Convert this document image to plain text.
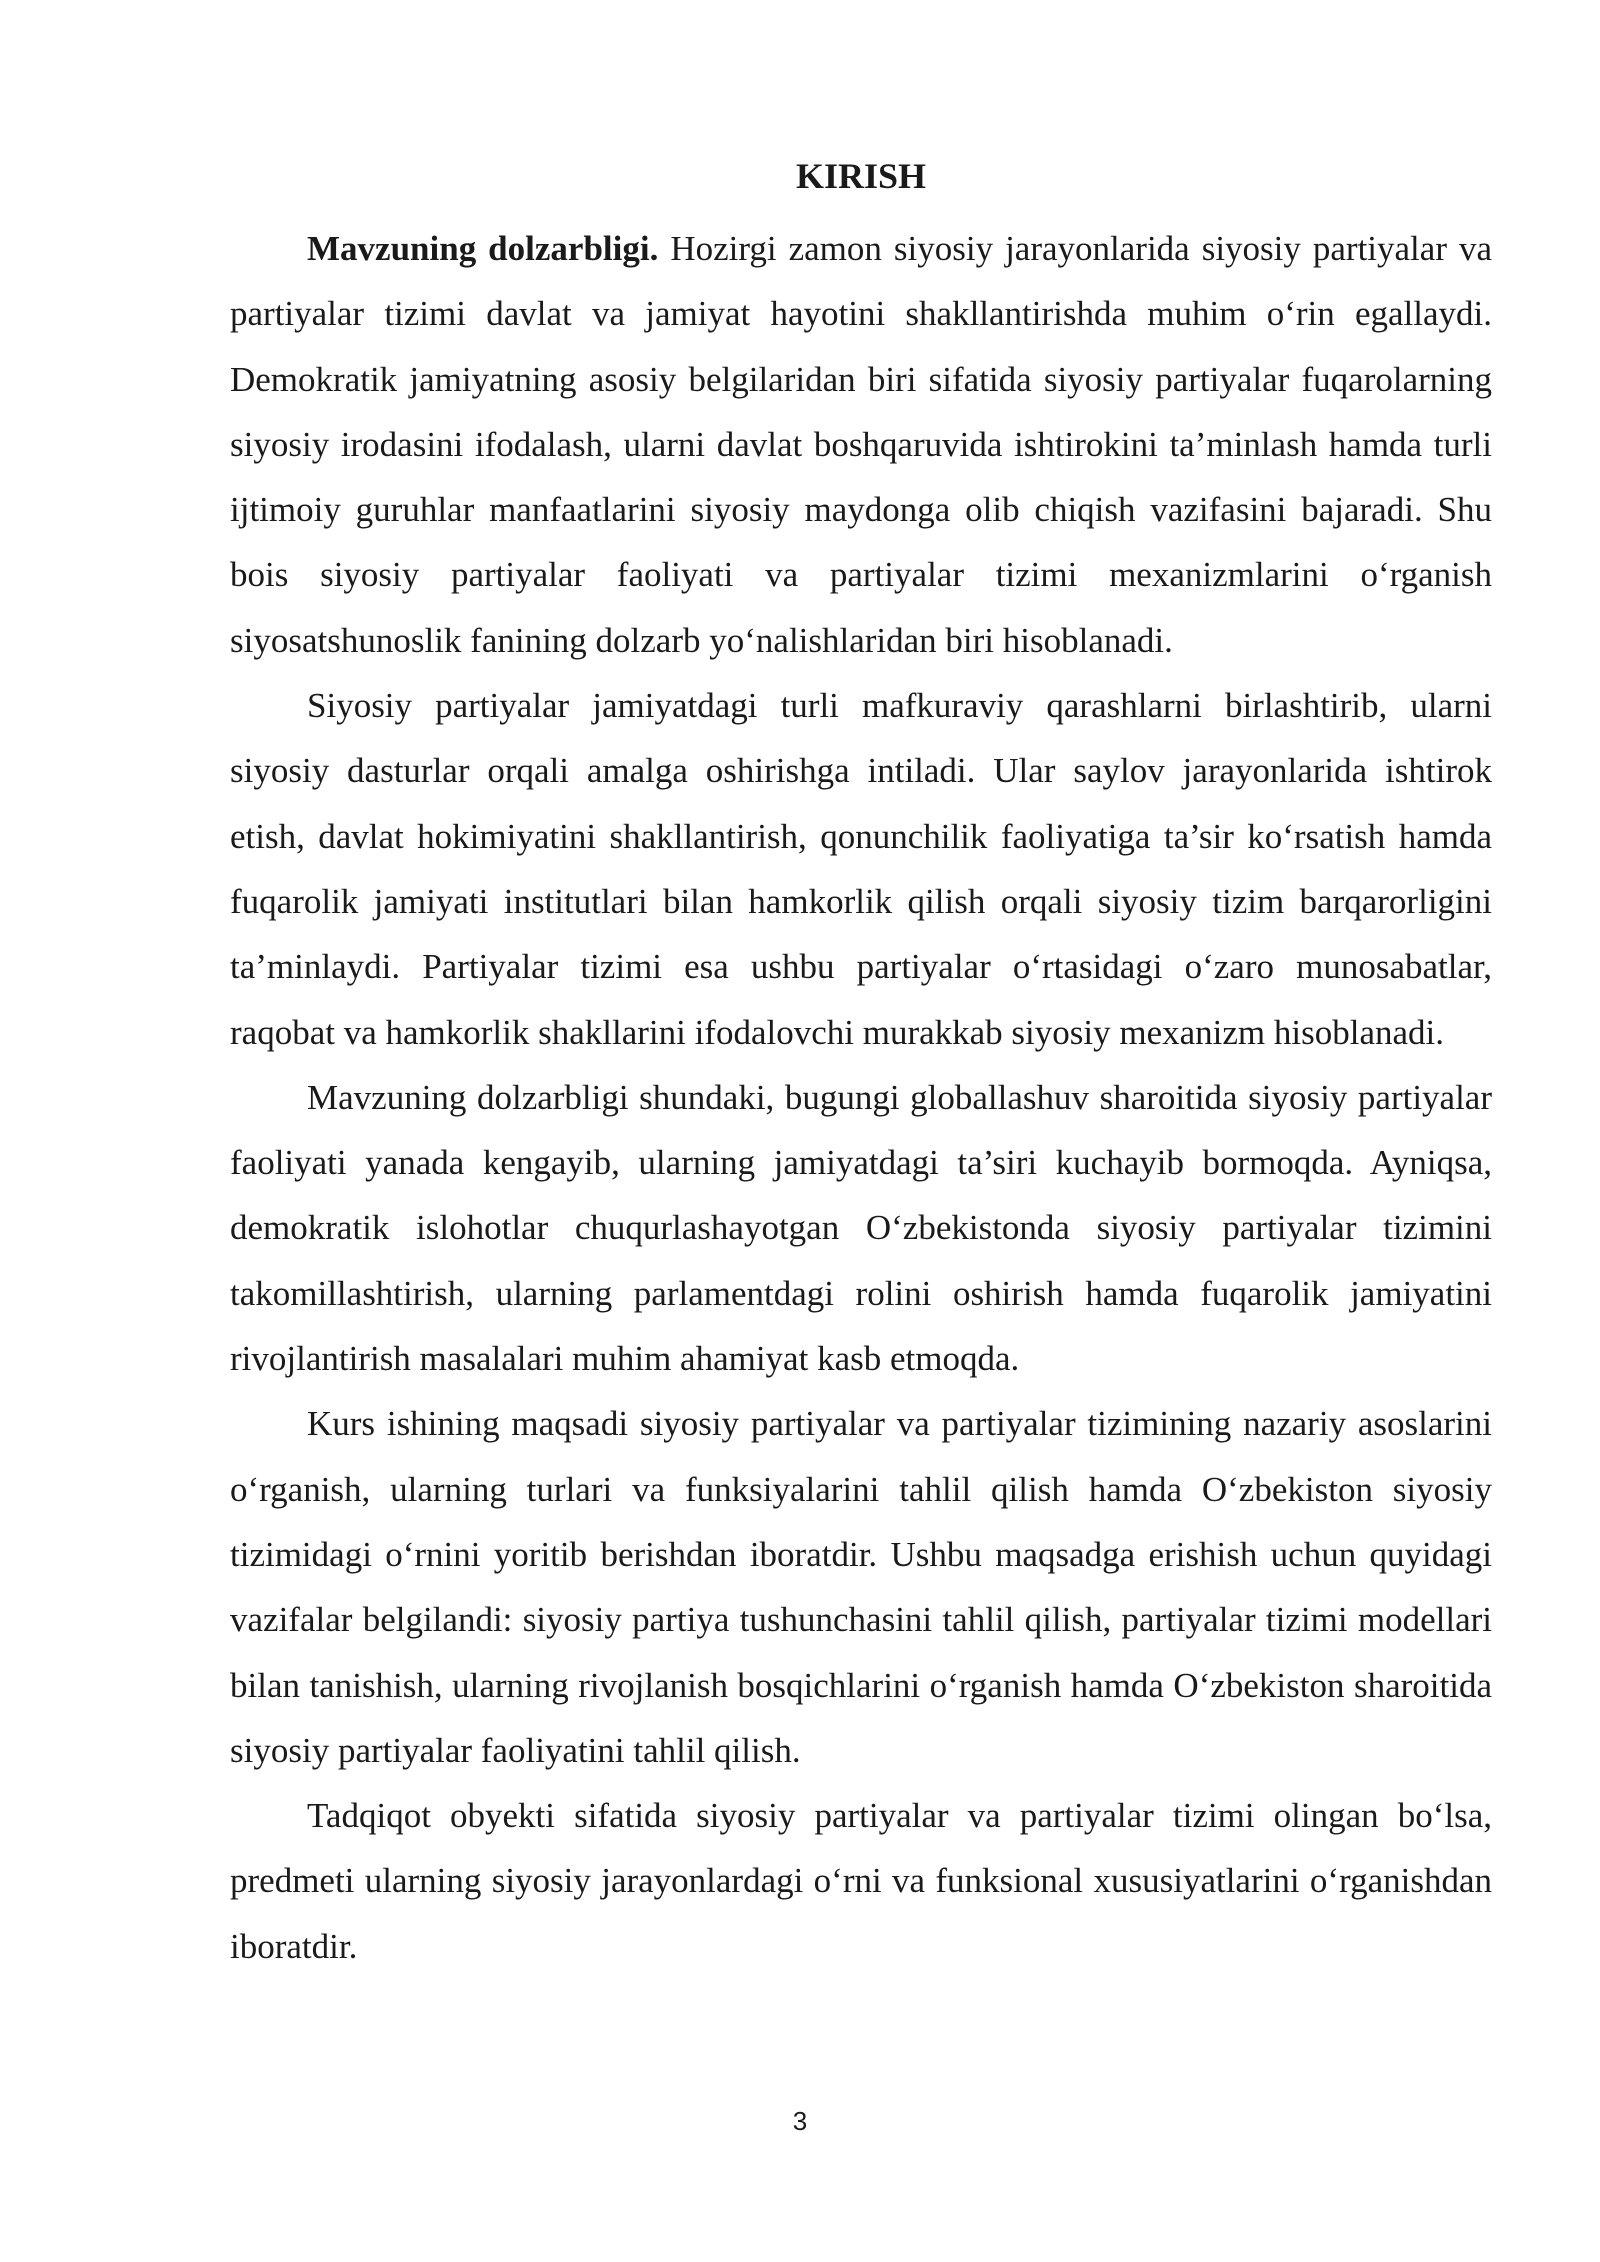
KIRISH

Mavzuning dolzarbligi. Hozirgi zamon siyosiy jarayonlarida siyosiy partiyalar va partiyalar tizimi davlat va jamiyat hayotini shakllantirishda muhim o‘rin egallaydi. Demokratik jamiyatning asosiy belgilaridan biri sifatida siyosiy partiyalar fuqarolarning siyosiy irodasini ifodalash, ularni davlat boshqaruvida ishtirokini ta’minlash hamda turli ijtimoiy guruhlar manfaatlarini siyosiy maydonga olib chiqish vazifasini bajaradi. Shu bois siyosiy partiyalar faoliyati va partiyalar tizimi mexanizmlarini o‘rganish siyosatshunoslik fanining dolzarb yo‘nalishlaridan biri hisoblanadi.

Siyosiy partiyalar jamiyatdagi turli mafkuraviy qarashlarni birlashtirib, ularni siyosiy dasturlar orqali amalga oshirishga intiladi. Ular saylov jarayonlarida ishtirok etish, davlat hokimiyatini shakllantirish, qonunchilik faoliyatiga ta’sir ko‘rsatish hamda fuqarolik jamiyati institutlari bilan hamkorlik qilish orqali siyosiy tizim barqarorligini ta’minlaydi. Partiyalar tizimi esa ushbu partiyalar o‘rtasidagi o‘zaro munosabatlar, raqobat va hamkorlik shakllarini ifodalovchi murakkab siyosiy mexanizm hisoblanadi.

Mavzuning dolzarbligi shundaki, bugungi globallashuv sharoitida siyosiy partiyalar faoliyati yanada kengayib, ularning jamiyatdagi ta’siri kuchayib bormoqda. Ayniqsa, demokratik islohotlar chuqurlashayotgan O‘zbekistonda siyosiy partiyalar tizimini takomillashtirish, ularning parlamentdagi rolini oshirish hamda fuqarolik jamiyatini rivojlantirish masalalari muhim ahamiyat kasb etmoqda.

Kurs ishining maqsadi siyosiy partiyalar va partiyalar tizimining nazariy asoslarini o‘rganish, ularning turlari va funksiyalarini tahlil qilish hamda O‘zbekiston siyosiy tizimidagi o‘rnini yoritib berishdan iboratdir. Ushbu maqsadga erishish uchun quyidagi vazifalar belgilandi: siyosiy partiya tushunchasini tahlil qilish, partiyalar tizimi modellari bilan tanishish, ularning rivojlanish bosqichlarini o‘rganish hamda O‘zbekiston sharoitida siyosiy partiyalar faoliyatini tahlil qilish.

Tadqiqot obyekti sifatida siyosiy partiyalar va partiyalar tizimi olingan bo‘lsa, predmeti ularning siyosiy jarayonlardagi o‘rni va funksional xususiyatlarini o‘rganishdan iboratdir.

3
